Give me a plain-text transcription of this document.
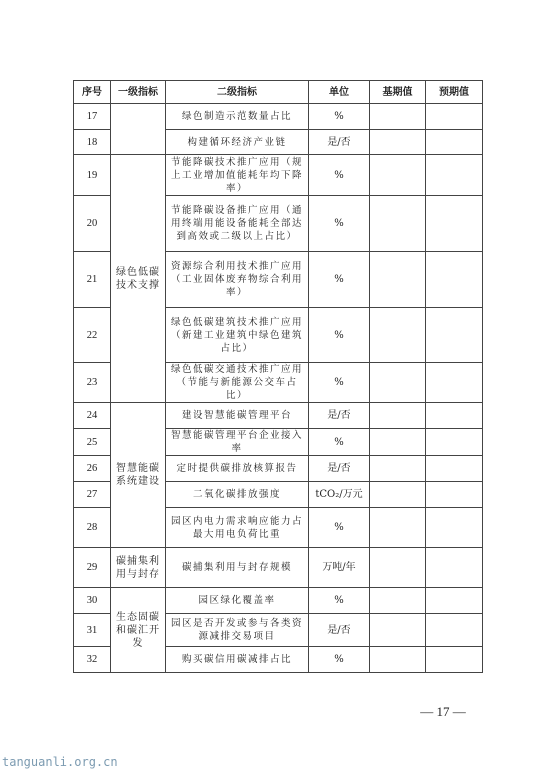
序号	一级指标	二级指标	单位	基期值	预期值
17		绿色制造示范数量占比	%		
18		构建循环经济产业链	是/否		
19	绿色低碳技术支撑	节能降碳技术推广应用（规上工业增加值能耗年均下降率）	%		
20		节能降碳设备推广应用（通用终端用能设备能耗全部达到高效或二级以上占比）	%		
21		资源综合利用技术推广应用（工业固体废弃物综合利用率）	%		
22		绿色低碳建筑技术推广应用（新建工业建筑中绿色建筑占比）	%		
23		绿色低碳交通技术推广应用（节能与新能源公交车占比）	%		
24	智慧能碳系统建设	建设智慧能碳管理平台	是/否		
25		智慧能碳管理平台企业接入率	%		
26		定时提供碳排放核算报告	是/否		
27		二氧化碳排放强度	tCO₂/万元		
28		园区内电力需求响应能力占最大用电负荷比重	%		
29	碳捕集利用与封存	碳捕集利用与封存规模	万吨/年		
30	生态固碳和碳汇开发	园区绿化覆盖率	%		
31		园区是否开发或参与各类资源减排交易项目	是/否		
32		购买碳信用碳减排占比	%		
— 17 —
tanguanli.org.cn
